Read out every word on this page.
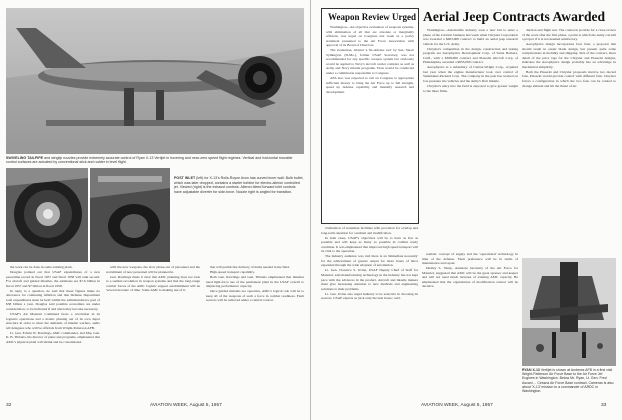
SWIVELING TAILPIPE and wingtip nozzles provide extremely accurate control of Ryan X-13 Vertijet in hovering and near-zero speed flight regimes. Vertical and horizontal movable control surfaces are actuated by conventional stick and rudder in level flight.
POST INLET (left) for X-13's Rolls-Royce Avon has curved inner wall. Bulb bullet, which was later dropped, contains a starter turbine for electro-aileron controlled jet. Viewed (right) is the exhaust controls. Aileron bleed forward inlet controls have adjustable diverter for side-force. Nozzle right is angled for transition.

the work can be done in some existing plant.

Douglas pointed out that USAF expenditures of a new peacetime record in fiscal 1957 and fiscal 1958 will rank second. For aircraft and guided missiles, the estimates are $7.6 billion in fiscal 1957 and $7 billion in fiscal 1958.

In reply to a question, he said that these figures make no allowance for continuing inflation and that Defense Department total expenditures must be held within the administration's goal of $38 billion a year. Douglas said possible economies are under consideration, to be indicated if and when they become necessary.

USAF's Air Materiel Command faces a revolution in its logistics operations and a drastic phasing out of its own depot structure in order to meet the demands of missile warfare, audio tell delegates who will be officials from Wright-Patterson AFB.

Lt. Gen. Edwin W. Rawlings, AMC commander, and Maj. Gen. K. B. Tibbetts, his director of plans and programs, emphasized that AMC's physical plant will shrink and be consolidated.

with the new weapons, the slow phase-out of personnel and the recruitment of new personnel will be planned in.

Gen. Rawlings made it clear that AMC planning does not look to a sudden revolution in weapon systems and that the long-range combat forces of the AMC logistic support establishment will be 'several decades' of time. Some AMC is making use of it.

that will permit fast delivery of items needed in the field.

High-speed transport capability.

Both Gen. Rawlings and Gen. Tibbetts emphasized that missiles need light-force use of the permanent plant in the USAF overall to displacing performance capacity.

Once guided missiles are operative, AMC's logical role will be to keep all of the weapons of such a force in combat readiness. Fault sources will be removed under a central control.

32	AVIATION WEEK, August 5, 1957
Weapon Review Urged

Washington—An objective evaluation of weapons systems, with elimination of all that are obsolete or marginally efficient, was urged on Congress last week as a policy statement presented to the Air Force Association with approval of its Board of Directors.

The evaluation, labeled 'a fix-defense tool' by Sen. Stuart Symington (D-Mo.), former USAF Secretary, was not recommended for any specific weapon system but obviously would be applied to Navy's aircraft carrier complex as well as Army and Navy missile programs. Tests would be conducted under a commission responsible to Congress.

AFA also was expected to call on Congress to appropriate sufficient money to bring the Air Force up to full strength, speed up defense capability and intensify research and development.

civilization of transition facilities with provision for overlap and long-term retention for overhaul and modification.

In both cases, USAF's objectives will be to have as few as possible and will keep as many as possible in combat ready condition. It was emphasized that improved high speed transport will be vital to the operation.

The industry audience was told there is an 'immediate necessity' for the achievement of greater output for more hours of labor expended through the wide adoption of automation.

Lt. Gen. Clarence S. Irvine, USAF Deputy Chief of Staff for Materiel, said manufacturing technology in the industry has not kept pace with the advances in the product. Aircraft and missile makers must give increasing attention to new methods and engineering solutions to their problems.

Lt. Gen. Irvine also urged industry to be selective in choosing its sources. USAF experts as 'pick only the best horse', said.

realistic concept of supply and the 'operational' technology in time of the defense. Their preference will be in terms of maintenance and repair.

Dudley S. Sharp, Assistant Secretary of the Air Force for Materiel, suggested that AMC will be the great sponsor and keeper and will not need much increase of existing AMC capacity. He emphasized that the organization of modification control will be decisive.

Aerial Jeep Contracts Awarded

Washington—Automobile industry took a new bid to enter a phase of the aviation business last week when Chrysler Corporation was awarded a $603,000 contract to build an aerial jeep research vehicle for the U.S. Army.

Chrysler's competition in the design, construction and testing program are Aerophysics Development Corp. of Santa Barbara, Calif., with a $398,000 contract and Piasecki Aircraft Corp. of Philadelphia, awarded a $853,000 contract.

Aerophysics is a subsidiary of Curtiss-Wright Corp., acquired last year when the engine manufacturer took over control of Studebaker-Packard Corp. The company in the past has worked on low-pressure tire vehicles and the Army's Dart missile.

Chrysler's entry into the field is expected to give greater weight to the three firms.

duction and flight test. The contracts provide for a close review of the work after the first phase, a point at which the Army can kill a project if it is not deemed satisfactory.

Aerophysics design incorporates four fans, a proposal that should result in easier blade design, but present quite some complications in mobility and shipping. Size of the contract, more detail of the price tags for the Chrysler and Piasecki designs, indicates the Aerophysics design probably has an advantage in mechanical simplicity.

Both the Piasecki and Chrysler proposals involve two ducted fans. Piasecki would provide control with different fans. Chrysler favors a configuration in which the two fans can be rotated to change attitude and tilt the thrust of air.

RYAN X-13 Vertijet is shown at Andrews AFB in a first visit Wright-Patterson Air Force Base to the Air Force Jet Engines in Washington. Below Mr. Ryan, Lt. Gen. Fred Ascani ... Cessna Air Force Base contract. Cameras is also about 'X-13' mission to a commander of ARDC in Washington.
AVIATION WEEK, August 5, 1957	33
